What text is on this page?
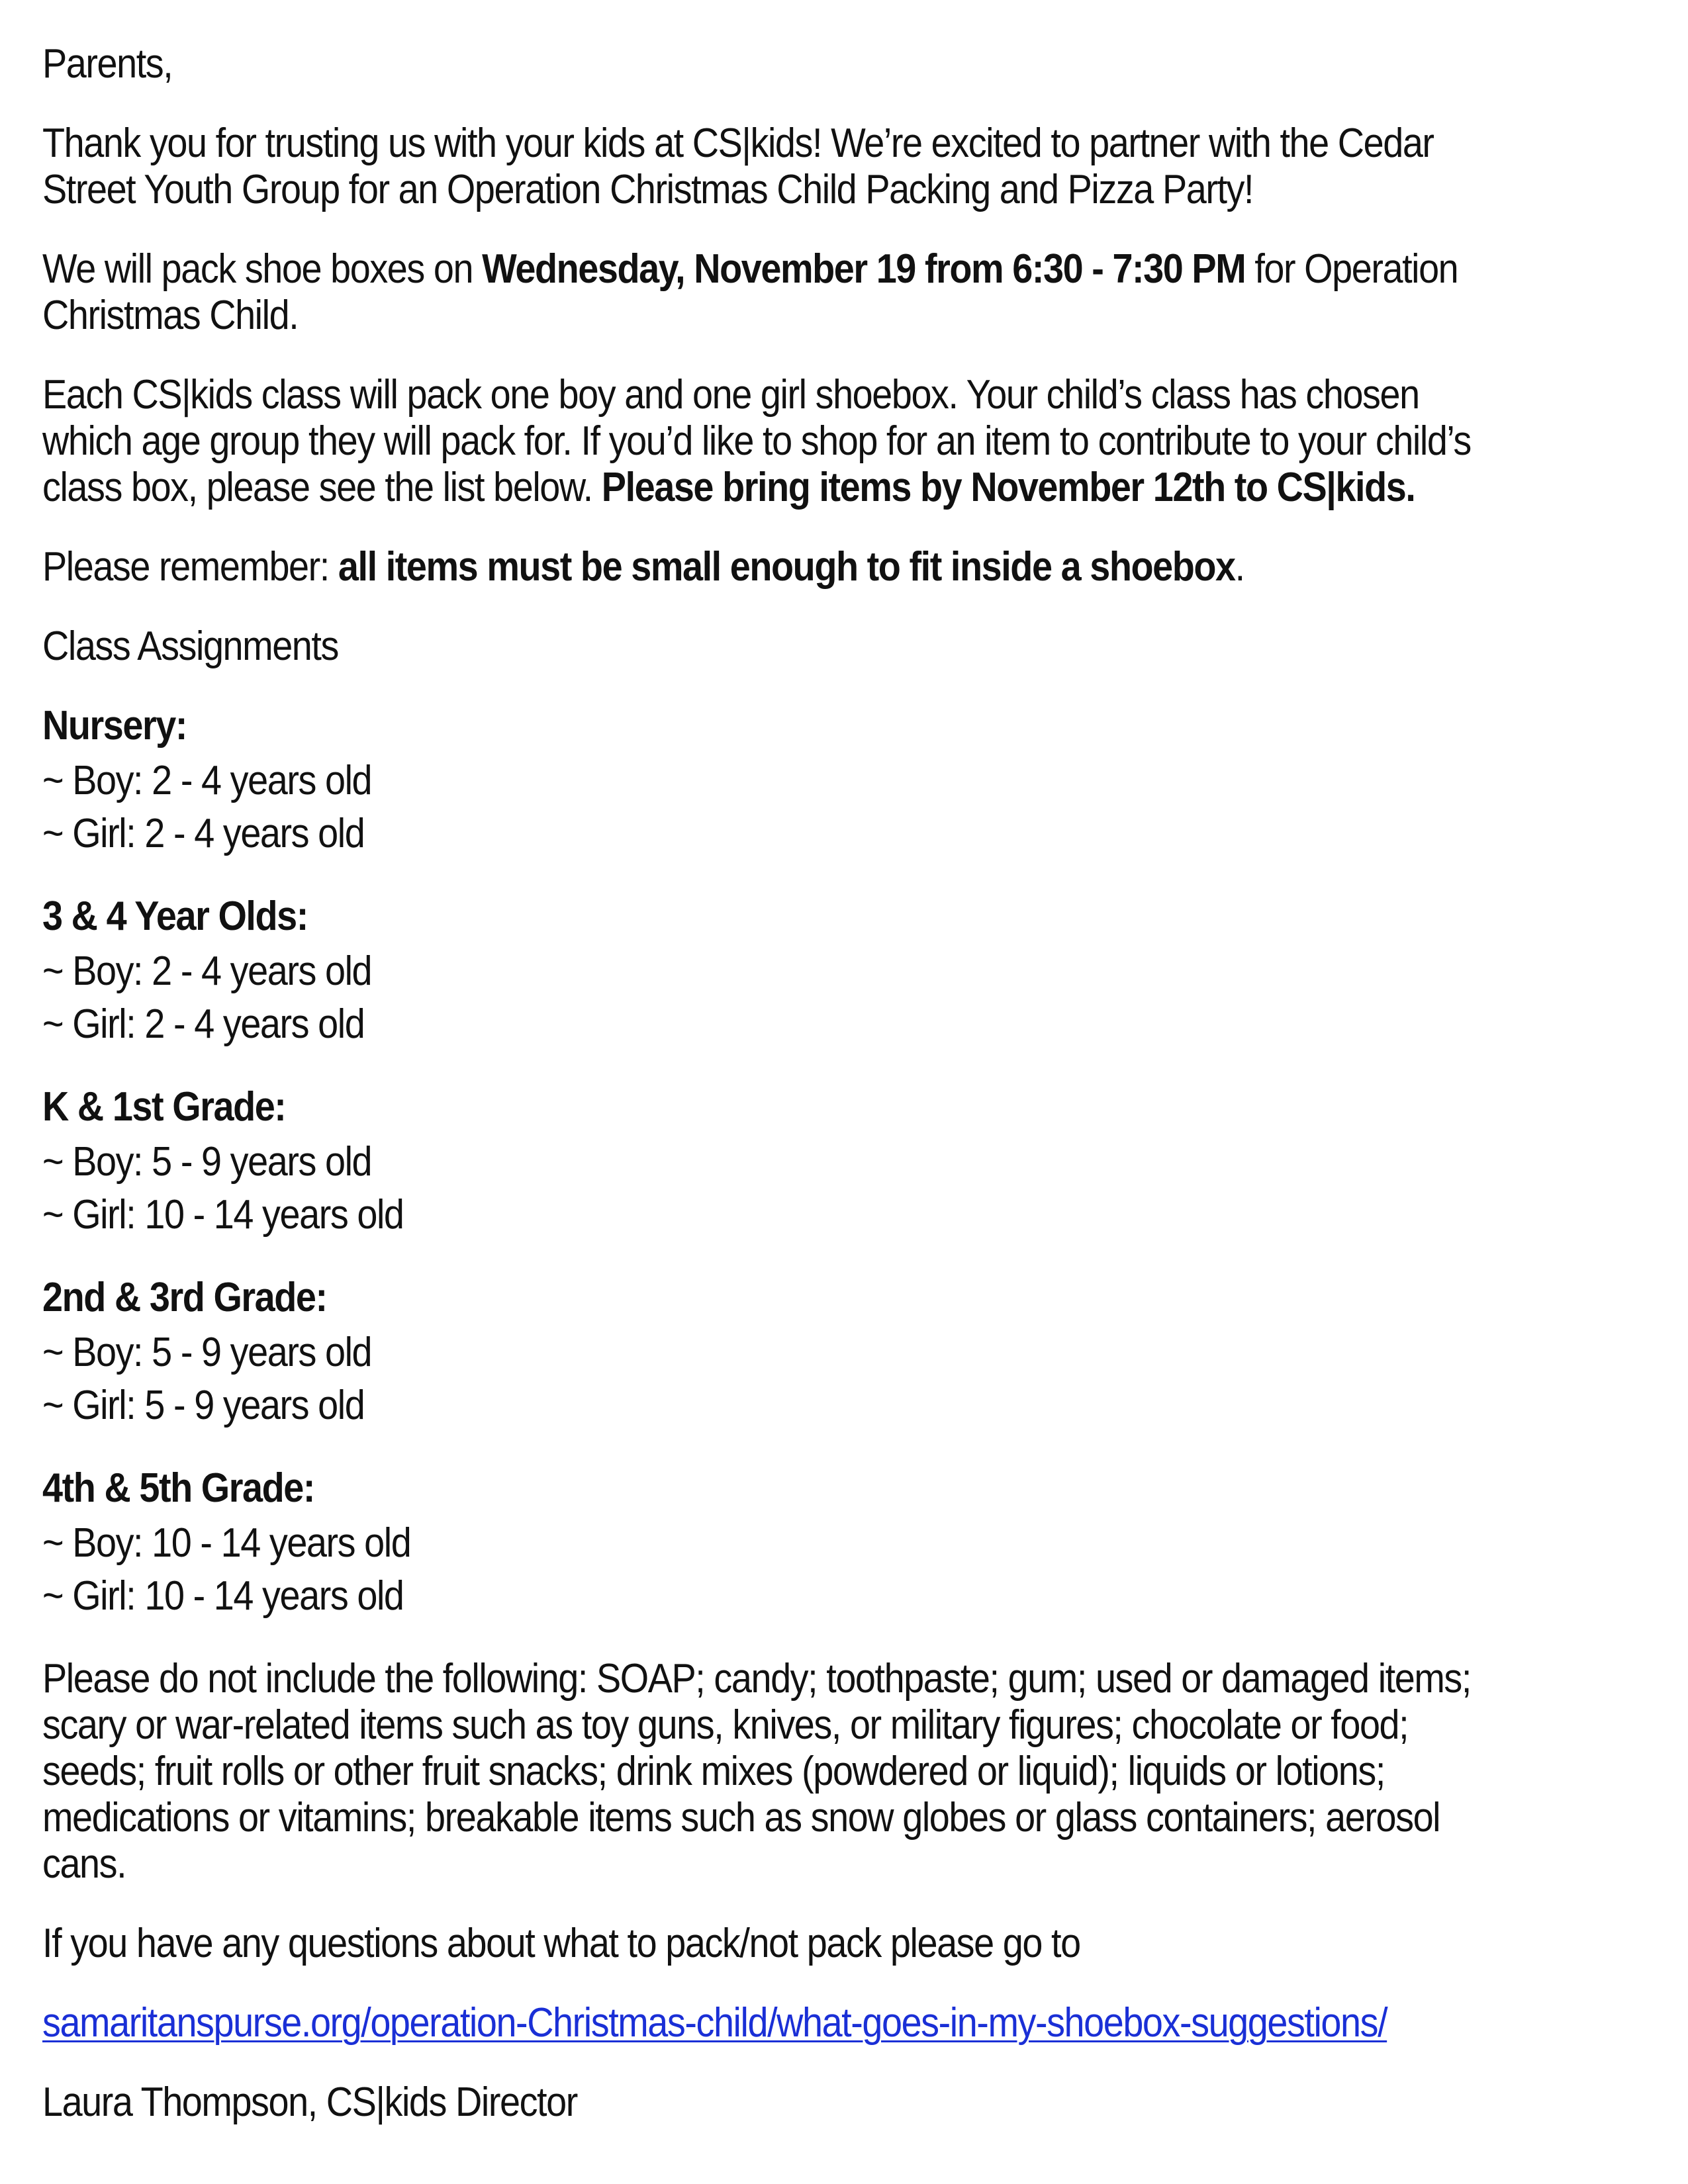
Parents,

Thank you for trusting us with your kids at CS|kids! We’re excited to partner with the Cedar Street Youth Group for an Operation Christmas Child Packing and Pizza Party!

We will pack shoe boxes on Wednesday, November 19 from 6:30 - 7:30 PM for Operation Christmas Child.

Each CS|kids class will pack one boy and one girl shoebox. Your child’s class has chosen which age group they will pack for. If you’d like to shop for an item to contribute to your child’s class box, please see the list below. Please bring items by November 12th to CS|kids.

Please remember: all items must be small enough to fit inside a shoebox.

Class Assignments

Nursery:
~ Boy: 2 - 4 years old
~ Girl: 2 - 4 years old
3 & 4 Year Olds:
~ Boy: 2 - 4 years old
~ Girl: 2 - 4 years old
K & 1st Grade:
~ Boy: 5 - 9 years old
~ Girl: 10 - 14 years old
2nd & 3rd Grade:
~ Boy: 5 - 9 years old
~ Girl: 5 - 9 years old
4th & 5th Grade:
~ Boy: 10 - 14 years old
~ Girl: 10 - 14 years old

Please do not include the following: SOAP; candy; toothpaste; gum; used or damaged items; scary or war-related items such as toy guns, knives, or military figures; chocolate or food; seeds; fruit rolls or other fruit snacks; drink mixes (powdered or liquid); liquids or lotions; medications or vitamins; breakable items such as snow globes or glass containers; aerosol cans.

If you have any questions about what to pack/not pack please go to

samaritanspurse.org/operation-Christmas-child/what-goes-in-my-shoebox-suggestions/

Laura Thompson, CS|kids Director
